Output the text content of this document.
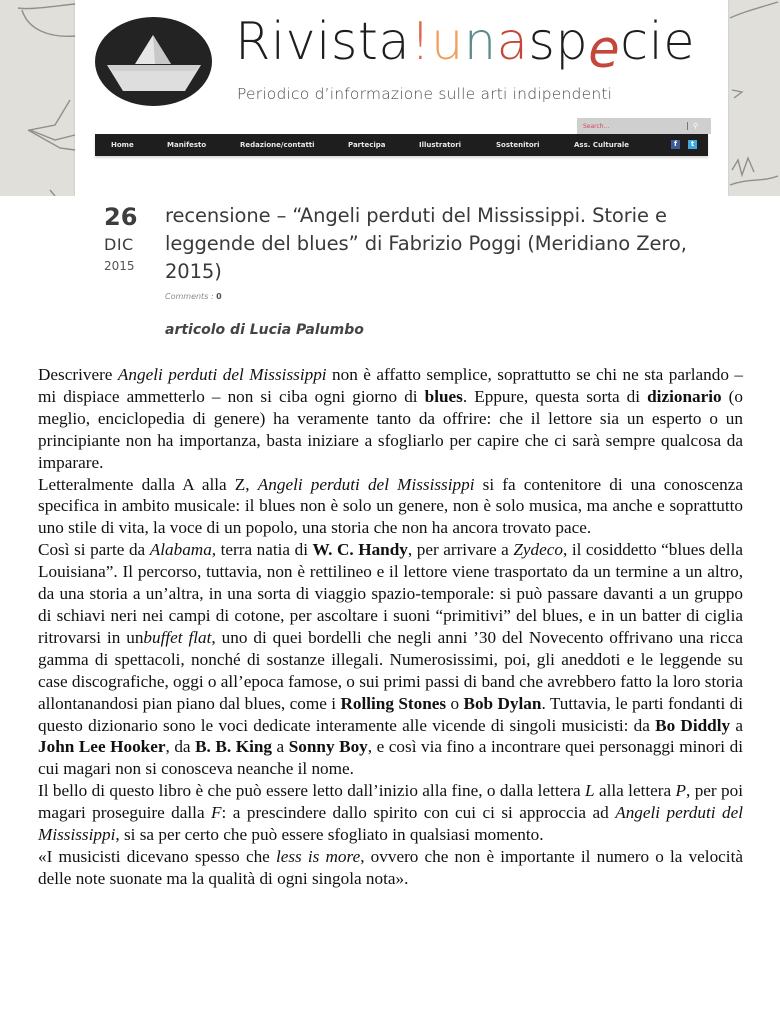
Rivista!unaspecie
Periodico d’informazione sulle arti indipendenti
Search...
⚲
Home	Manifesto	Redazione/contatti	Partecipa	Illustratori	Sostenitori	Ass. Culturale	f	t
26
DIC
2015
recensione – “Angeli perduti del Mississippi. Storie e leggende del blues” di Fabrizio Poggi (Meridiano Zero, 2015)
Comments : 0
articolo di Lucia Palumbo

Descrivere Angeli perduti del Mississippi non è affatto semplice, soprattutto se chi ne sta parlando – mi dispiace ammetterlo – non si ciba ogni giorno di blues. Eppure, questa sorta di dizionario (o meglio, enciclopedia di genere) ha veramente tanto da offrire: che il lettore sia un esperto o un principiante non ha importanza, basta iniziare a sfogliarlo per capire che ci sarà sempre qualcosa da imparare.

Letteralmente dalla A alla Z, Angeli perduti del Mississippi si fa contenitore di una conoscenza specifica in ambito musicale: il blues non è solo un genere, non è solo musica, ma anche e soprattutto uno stile di vita, la voce di un popolo, una storia che non ha ancora trovato pace.

Così si parte da Alabama, terra natia di W. C. Handy, per arrivare a Zydeco, il cosiddetto “blues della Louisiana”. Il percorso, tuttavia, non è rettilineo e il lettore viene trasportato da un termine a un altro, da una storia a un’altra, in una sorta di viaggio spazio-temporale: si può passare davanti a un gruppo di schiavi neri nei campi di cotone, per ascoltare i suoni “primitivi” del blues, e in un batter di ciglia ritrovarsi in unbuffet flat, uno di quei bordelli che negli anni ’30 del Novecento offrivano una ricca gamma di spettacoli, nonché di sostanze illegali. Numerosissimi, poi, gli aneddoti e le leggende su case discografiche, oggi o all’epoca famose, o sui primi passi di band che avrebbero fatto la loro storia allontanandosi pian piano dal blues, come i Rolling Stones o Bob Dylan. Tuttavia, le parti fondanti di questo dizionario sono le voci dedicate interamente alle vicende di singoli musicisti: da Bo Diddly a John Lee Hooker, da B. B. King a Sonny Boy, e così via fino a incontrare quei personaggi minori di cui magari non si conosceva neanche il nome.

Il bello di questo libro è che può essere letto dall’inizio alla fine, o dalla lettera L alla lettera P, per poi magari proseguire dalla F: a prescindere dallo spirito con cui ci si approccia ad Angeli perduti del Mississippi, si sa per certo che può essere sfogliato in qualsiasi momento.

«I musicisti dicevano spesso che less is more, ovvero che non è importante il numero o la velocità delle note suonate ma la qualità di ogni singola nota».
